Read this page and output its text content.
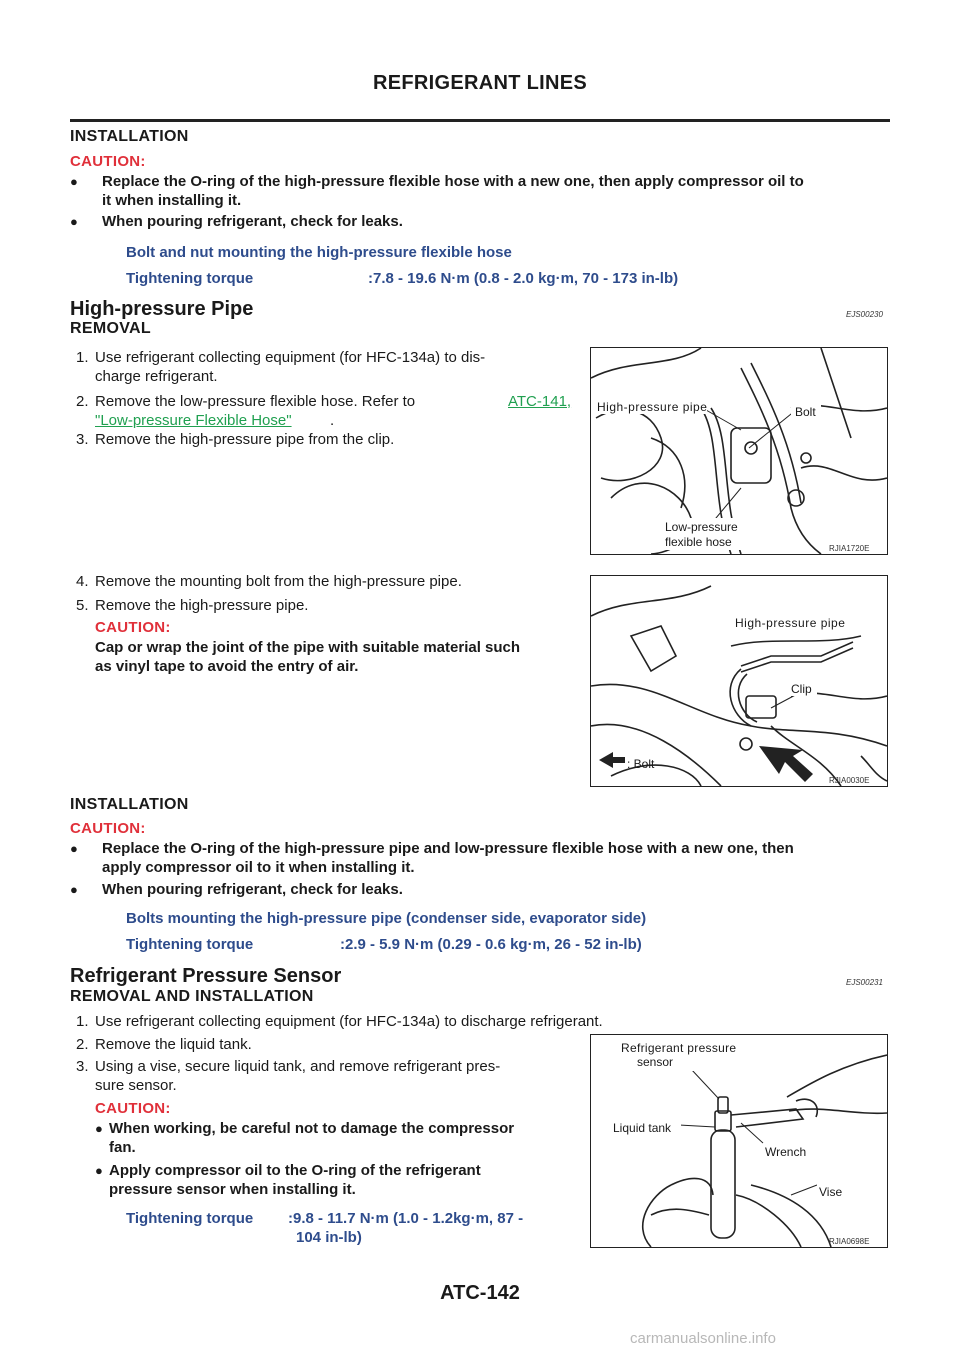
REFRIGERANT LINES
INSTALLATION
CAUTION:
● Replace the O-ring of the high-pressure flexible hose with a new one, then apply compressor oil to
it when installing it.
● When pouring refrigerant, check for leaks.
Bolt and nut mounting the high-pressure flexible hose
Tightening torque	:7.8 - 19.6 N·m (0.8 - 2.0 kg·m, 70 - 173 in-lb)
High-pressure Pipe	EJS00230
REMOVAL
1. Use refrigerant collecting equipment (for HFC-134a) to dis-
charge refrigerant.
2. Remove the low-pressure flexible hose. Refer to	ATC-141,
"Low-pressure Flexible Hose"	.
3. Remove the high-pressure pipe from the clip.
High-pressure pipe	Bolt
Low-pressure
flexible hose	RJIA1720E
4. Remove the mounting bolt from the high-pressure pipe.
5. Remove the high-pressure pipe.
CAUTION:
Cap or wrap the joint of the pipe with suitable material such
as vinyl tape to avoid the entry of air.
High-pressure pipe
Clip
: Bolt
RJIA0030E
INSTALLATION
CAUTION:
● Replace the O-ring of the high-pressure pipe and low-pressure flexible hose with a new one, then
apply compressor oil to it when installing it.
● When pouring refrigerant, check for leaks.
Bolts mounting the high-pressure pipe (condenser side, evaporator side)
Tightening torque	:2.9 - 5.9 N·m (0.29 - 0.6 kg·m, 26 - 52 in-lb)
Refrigerant Pressure Sensor	EJS00231
REMOVAL AND INSTALLATION
1. Use refrigerant collecting equipment (for HFC-134a) to discharge refrigerant.
2. Remove the liquid tank.
3. Using a vise, secure liquid tank, and remove refrigerant pres-
sure sensor.
CAUTION:
● When working, be careful not to damage the compressor
fan.
● Apply compressor oil to the O-ring of the refrigerant
pressure sensor when installing it.
Tightening torque :9.8 - 11.7 N·m (1.0 - 1.2kg·m, 87 -
104 in-lb)
Refrigerant pressure
sensor
Liquid tank
Wrench
Vise
RJIA0698E
ATC-142
carmanualsonline.info
